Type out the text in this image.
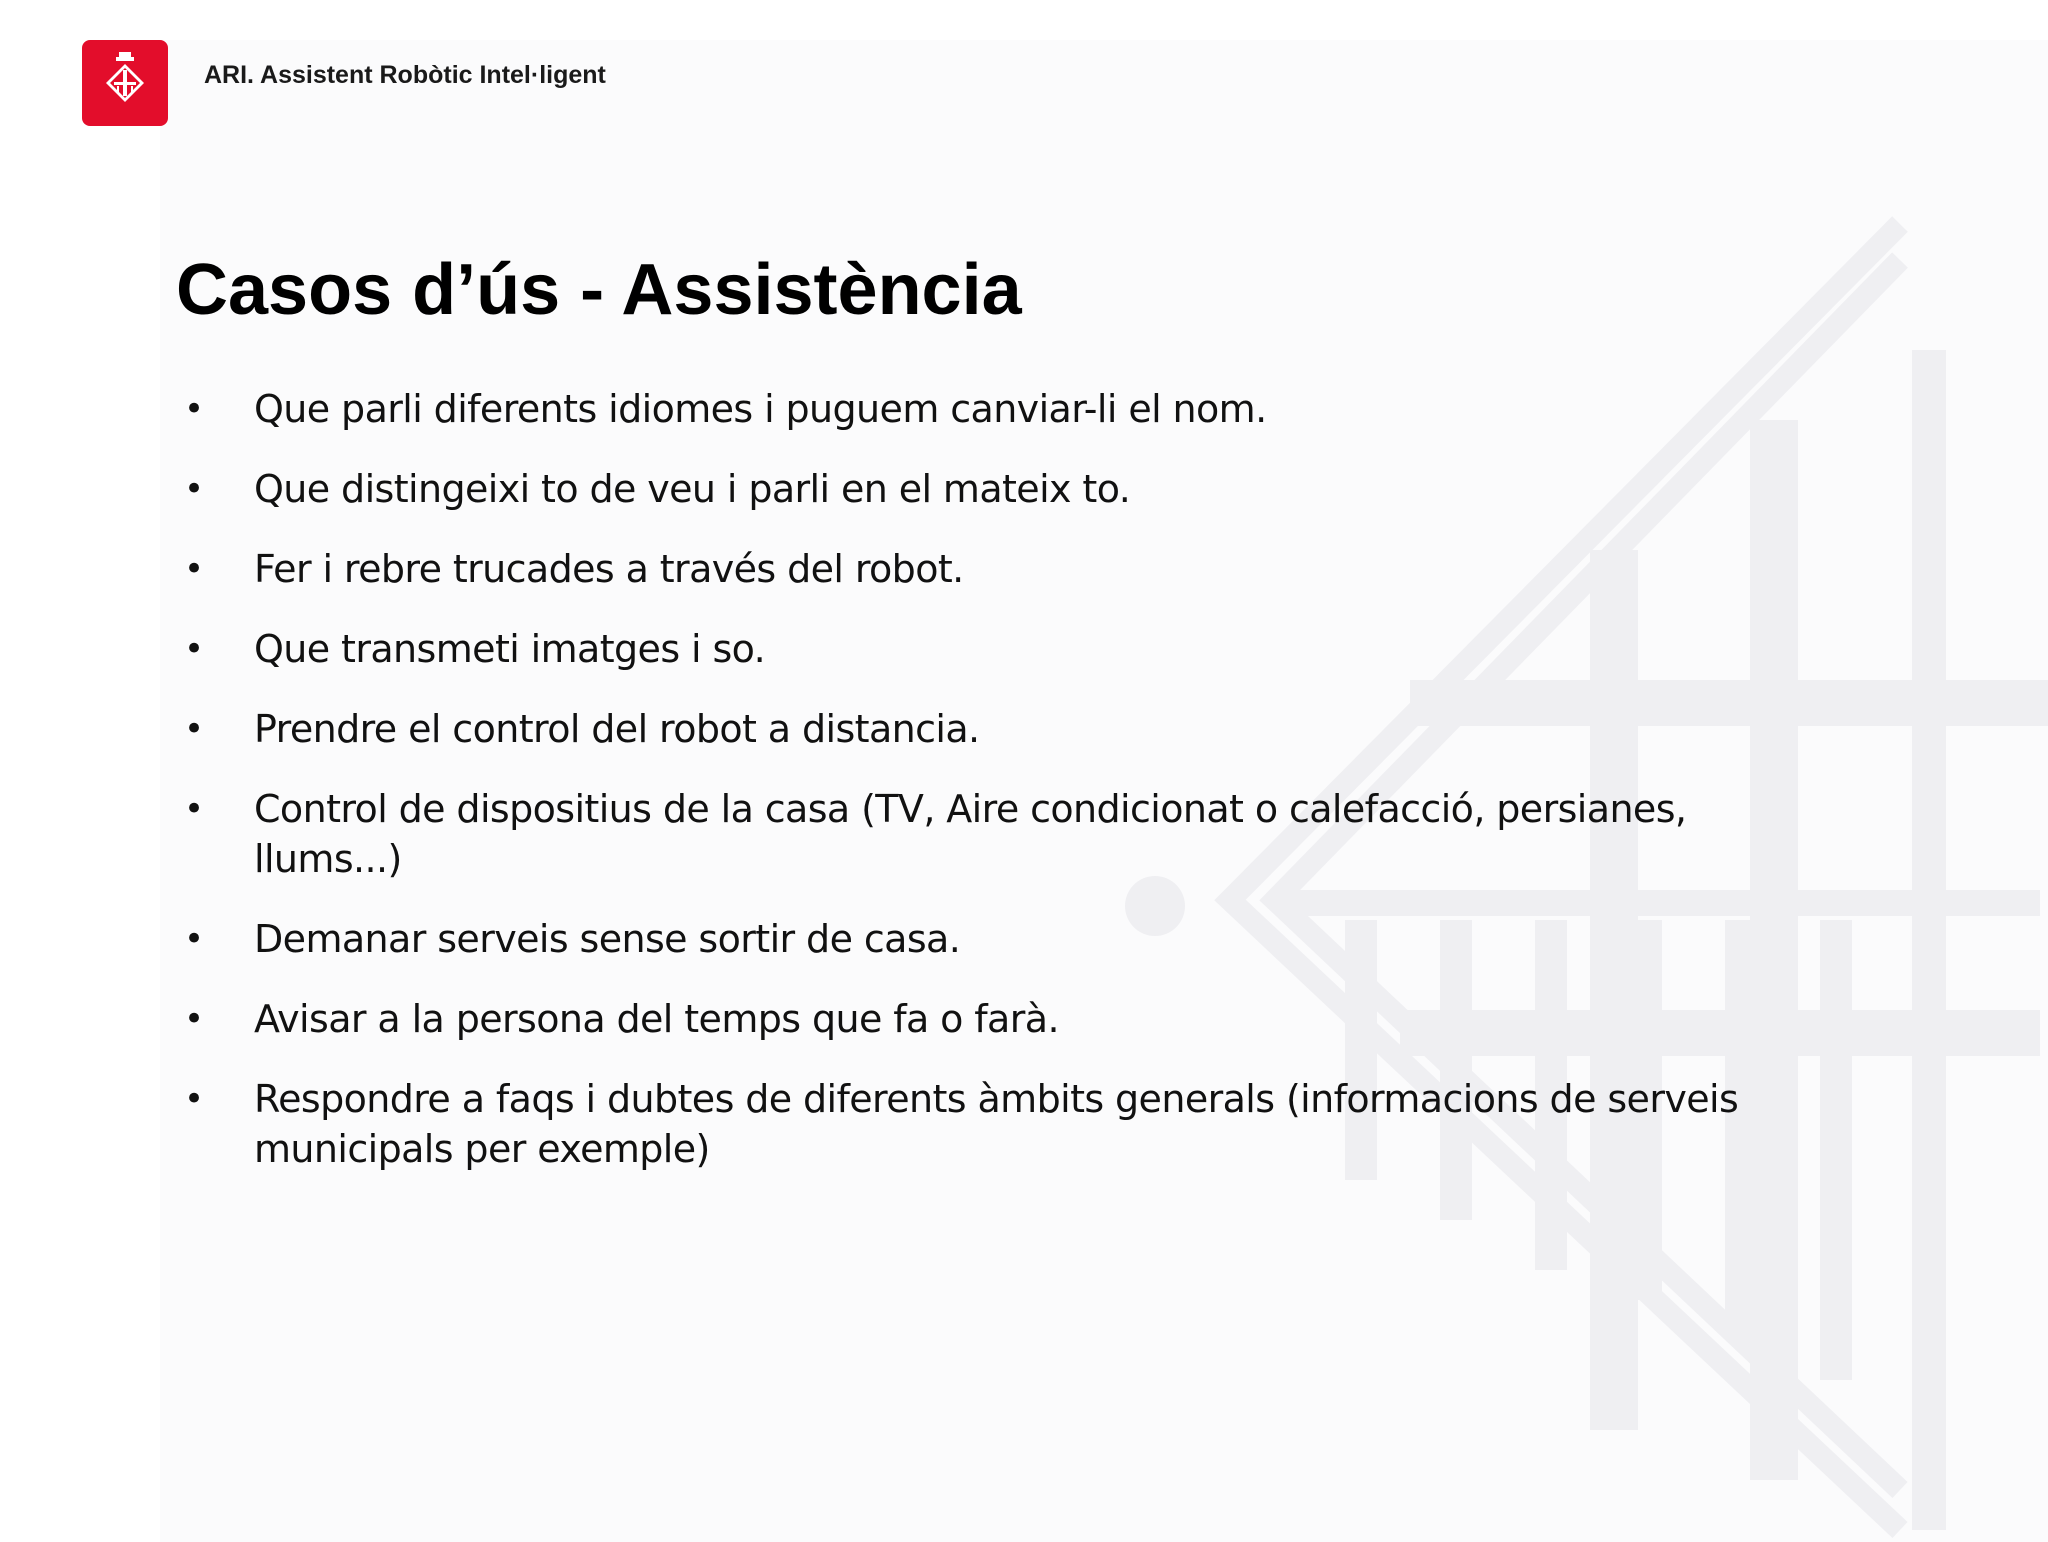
ARI. Assistent Robòtic Intel·ligent
Casos d’ús - Assistència
• Que parli diferents idiomes i puguem canviar-li el nom.
• Que distingeixi to de veu i parli en el mateix to.
• Fer i rebre trucades a través del robot.
• Que transmeti imatges i so.
• Prendre el control del robot a distancia.
• Control de dispositius de la casa (TV, Aire condicionat o calefacció, persianes, llums...)
• Demanar serveis sense sortir de casa.
• Avisar a la persona del temps que fa o farà.
• Respondre a faqs i dubtes de diferents àmbits generals (informacions de serveis municipals per exemple)
